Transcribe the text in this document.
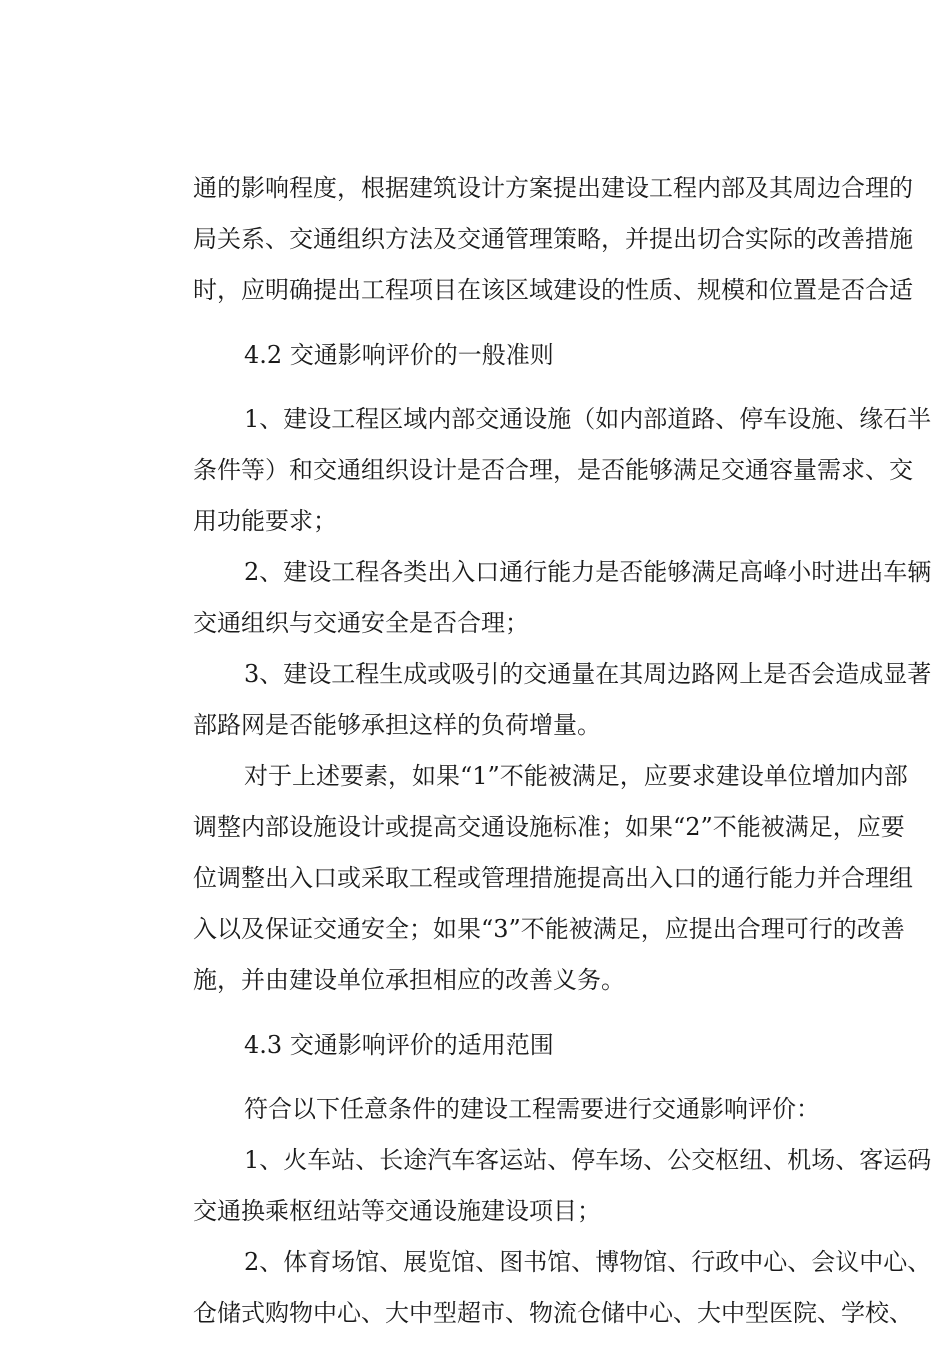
通的影响程度，根据建筑设计方案提出建设工程内部及其周边合理的
局关系、交通组织方法及交通管理策略，并提出切合实际的改善措施
时，应明确提出工程项目在该区域建设的性质、规模和位置是否合适
4.2 交通影响评价的一般准则
1、建设工程区域内部交通设施（如内部道路、停车设施、缘石半
条件等）和交通组织设计是否合理，是否能够满足交通容量需求、交
用功能要求；
2、建设工程各类出入口通行能力是否能够满足高峰小时进出车辆
交通组织与交通安全是否合理；
3、建设工程生成或吸引的交通量在其周边路网上是否会造成显著
部路网是否能够承担这样的负荷增量。
对于上述要素，如果“1”不能被满足，应要求建设单位增加内部
调整内部设施设计或提高交通设施标准；如果“2”不能被满足，应要
位调整出入口或采取工程或管理措施提高出入口的通行能力并合理组
入以及保证交通安全；如果“3”不能被满足，应提出合理可行的改善
施，并由建设单位承担相应的改善义务。
4.3 交通影响评价的适用范围
符合以下任意条件的建设工程需要进行交通影响评价：
1、火车站、长途汽车客运站、停车场、公交枢纽、机场、客运码
交通换乘枢纽站等交通设施建设项目；
2、体育场馆、展览馆、图书馆、博物馆、行政中心、会议中心、
仓储式购物中心、大中型超市、物流仓储中心、大中型医院、学校、
